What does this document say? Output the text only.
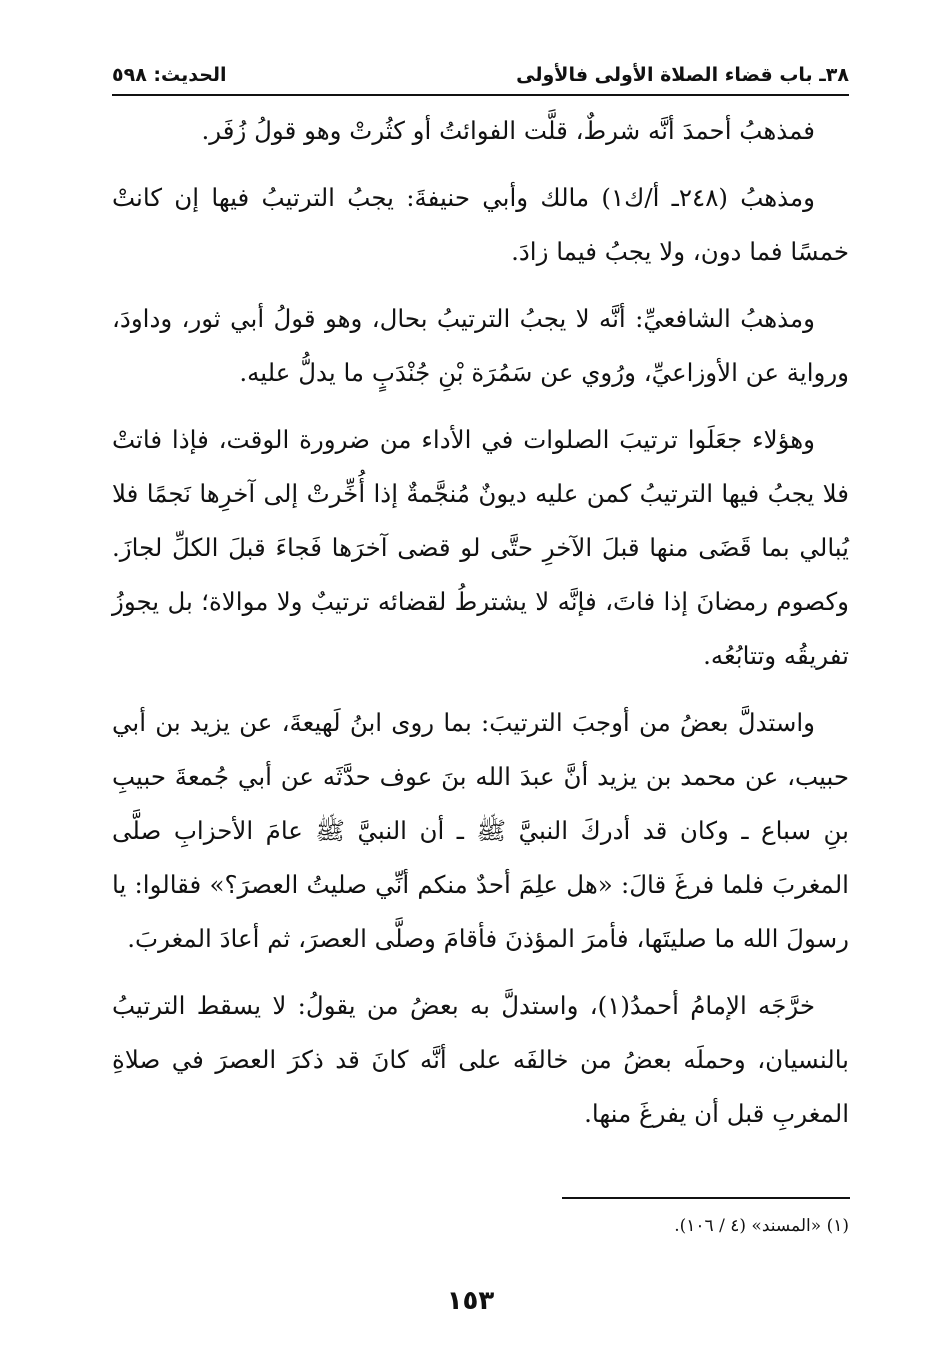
٣٨ـ باب قضاء الصلاة الأولى فالأولى
الحديث: ٥٩٨

فمذهبُ أحمدَ أنَّه شرطٌ، قلَّت الفوائتُ أو كثُرتْ وهو قولُ زُفَر.

ومذهبُ (٢٤٨ـ أ/ك١) مالك وأبي حنيفةَ: يجبُ الترتيبُ فيها إن كانتْ خمسًا فما دون، ولا يجبُ فيما زادَ.

ومذهبُ الشافعيِّ: أنَّه لا يجبُ الترتيبُ بحال، وهو قولُ أبي ثور، وداودَ، ورواية عن الأوزاعيِّ، ورُوي عن سَمُرَة بْنِ جُنْدَبٍ ما يدلُّ عليه.

وهؤلاء جعَلَوا ترتيبَ الصلوات في الأداء من ضرورة الوقت، فإذا فاتتْ فلا يجبُ فيها الترتيبُ كمن عليه ديونٌ مُنجَّمةٌ إذا أُخِّرتْ إلى آخرِها نَجمًا فلا يُبالي بما قَضَى منها قبلَ الآخرِ حتَّى لو قضى آخرَها فَجاءَ قبلَ الكلِّ لجازَ. وكصوم رمضانَ إذا فاتَ، فإنَّه لا يشترطُ لقضائه ترتيبٌ ولا موالاة؛ بل يجوزُ تفريقُه وتتابُعُه.

واستدلَّ بعضُ من أوجبَ الترتيبَ: بما روى ابنُ لَهيعةَ، عن يزيد بن أبي حبيب، عن محمد بن يزيد أنَّ عبدَ الله بنَ عوف حدَّثَه عن أبي جُمعةَ حبيبِ بنِ سباع ـ وكان قد أدركَ النبيَّ ﷺ ـ أن النبيَّ ﷺ عامَ الأحزابِ صلَّى المغربَ فلما فرغَ قالَ: «هل علِمَ أحدٌ منكم أنِّي صليتُ العصرَ؟» فقالوا: يا رسولَ الله ما صليتَها، فأمرَ المؤذنَ فأقامَ وصلَّى العصرَ، ثم أعادَ المغربَ.

خرَّجَه الإمامُ أحمدُ(١)، واستدلَّ به بعضُ من يقولُ: لا يسقط الترتيبُ بالنسيان، وحملَه بعضُ من خالفَه على أنَّه كانَ قد ذكرَ العصرَ في صلاةِ المغربِ قبل أن يفرغَ منها.

(١) «المسند» (٤ / ١٠٦).
١٥٣
